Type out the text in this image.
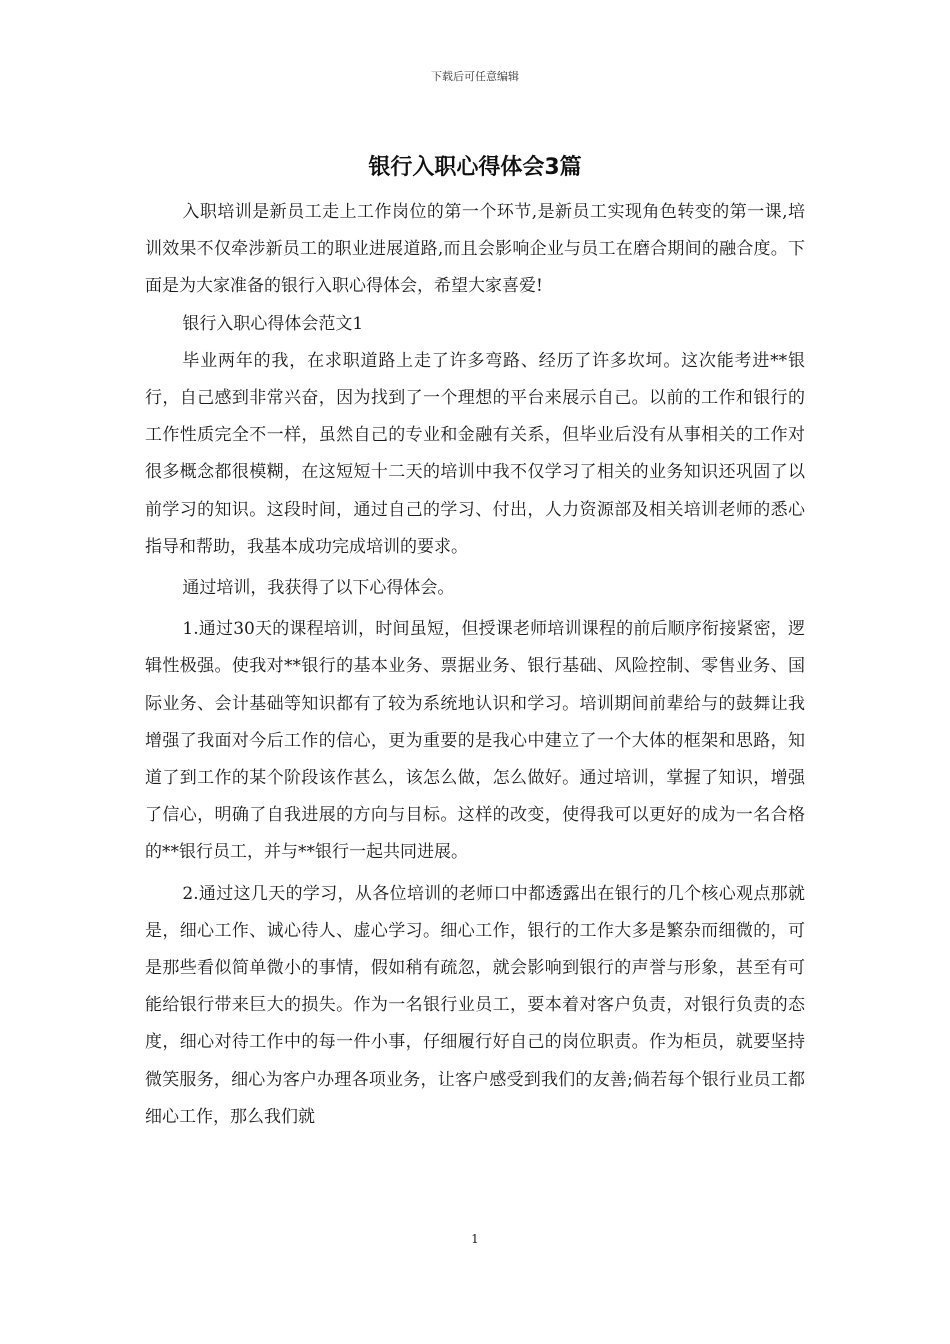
下载后可任意编辑
银行入职心得体会3篇

入职培训是新员工走上工作岗位的第一个环节,是新员工实现角色转变的第一课,培训效果不仅牵涉新员工的职业进展道路,而且会影响企业与员工在磨合期间的融合度。下面是为大家准备的银行入职心得体会，希望大家喜爱!

银行入职心得体会范文1

毕业两年的我，在求职道路上走了许多弯路、经历了许多坎坷。这次能考进**银行，自己感到非常兴奋，因为找到了一个理想的平台来展示自己。以前的工作和银行的工作性质完全不一样，虽然自己的专业和金融有关系，但毕业后没有从事相关的工作对很多概念都很模糊，在这短短十二天的培训中我不仅学习了相关的业务知识还巩固了以前学习的知识。这段时间，通过自己的学习、付出，人力资源部及相关培训老师的悉心指导和帮助，我基本成功完成培训的要求。

通过培训，我获得了以下心得体会。

1.通过30天的课程培训，时间虽短，但授课老师培训课程的前后顺序衔接紧密，逻辑性极强。使我对**银行的基本业务、票据业务、银行基础、风险控制、零售业务、国际业务、会计基础等知识都有了较为系统地认识和学习。培训期间前辈给与的鼓舞让我增强了我面对今后工作的信心，更为重要的是我心中建立了一个大体的框架和思路，知道了到工作的某个阶段该作甚么，该怎么做，怎么做好。通过培训，掌握了知识，增强了信心，明确了自我进展的方向与目标。这样的改变，使得我可以更好的成为一名合格的**银行员工，并与**银行一起共同进展。

2.通过这几天的学习，从各位培训的老师口中都透露出在银行的几个核心观点那就是，细心工作、诚心待人、虚心学习。细心工作，银行的工作大多是繁杂而细微的，可是那些看似简单微小的事情，假如稍有疏忽，就会影响到银行的声誉与形象，甚至有可能给银行带来巨大的损失。作为一名银行业员工，要本着对客户负责，对银行负责的态度，细心对待工作中的每一件小事，仔细履行好自己的岗位职责。作为柜员，就要坚持微笑服务，细心为客户办理各项业务，让客户感受到我们的友善;倘若每个银行业员工都细心工作，那么我们就

1
